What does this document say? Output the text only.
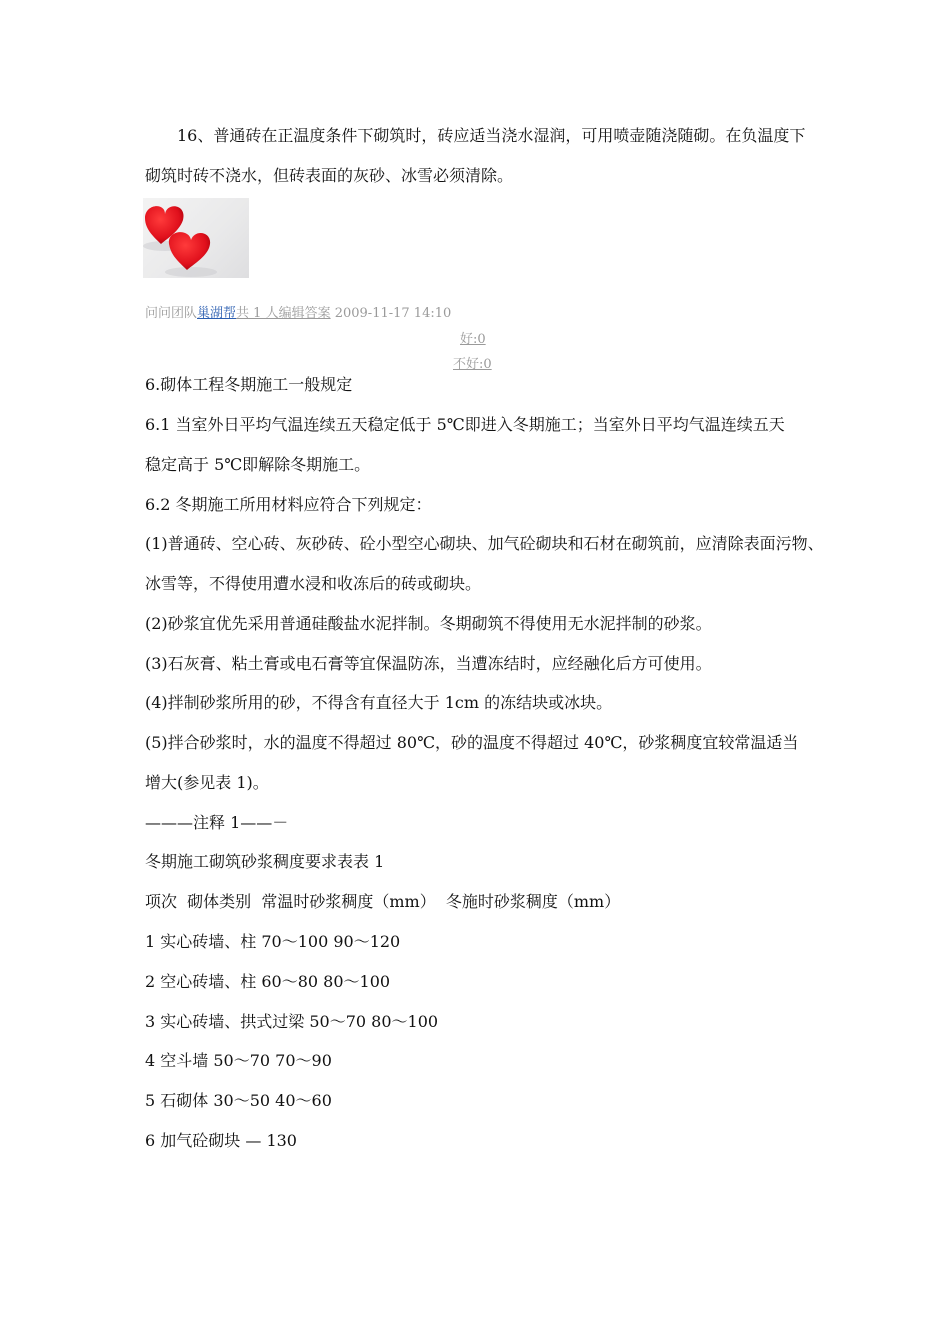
16、普通砖在正温度条件下砌筑时，砖应适当浇水湿润，可用喷壶随浇随砌。在负温度下
砌筑时砖不浇水，但砖表面的灰砂、冰雪必须清除。
问问团队巢湖帮共 1 人编辑答案 2009-11-17 14:10
好:0
不好:0
6.砌体工程冬期施工一般规定
6.1 当室外日平均气温连续五天稳定低于 5℃即进入冬期施工；当室外日平均气温连续五天
稳定高于 5℃即解除冬期施工。
6.2 冬期施工所用材料应符合下列规定：
(1)普通砖、空心砖、灰砂砖、砼小型空心砌块、加气砼砌块和石材在砌筑前，应清除表面污物、
冰雪等，不得使用遭水浸和收冻后的砖或砌块。
(2)砂浆宜优先采用普通硅酸盐水泥拌制。冬期砌筑不得使用无水泥拌制的砂浆。
(3)石灰膏、粘土膏或电石膏等宜保温防冻，当遭冻结时，应经融化后方可使用。
(4)拌制砂浆所用的砂，不得含有直径大于 1cm 的冻结块或冰块。
(5)拌合砂浆时，水的温度不得超过 80℃，砂的温度不得超过 40℃，砂浆稠度宜较常温适当
增大(参见表 1)。
———注释 1——－
冬期施工砌筑砂浆稠度要求表表 1
项次  砌体类别  常温时砂浆稠度（mm）  冬施时砂浆稠度（mm）
1 实心砖墙、柱 70～100 90～120
2 空心砖墙、柱 60～80 80～100
3 实心砖墙、拱式过梁 50～70 80～100
4 空斗墙 50～70 70～90
5 石砌体 30～50 40～60
6 加气砼砌块 — 130
